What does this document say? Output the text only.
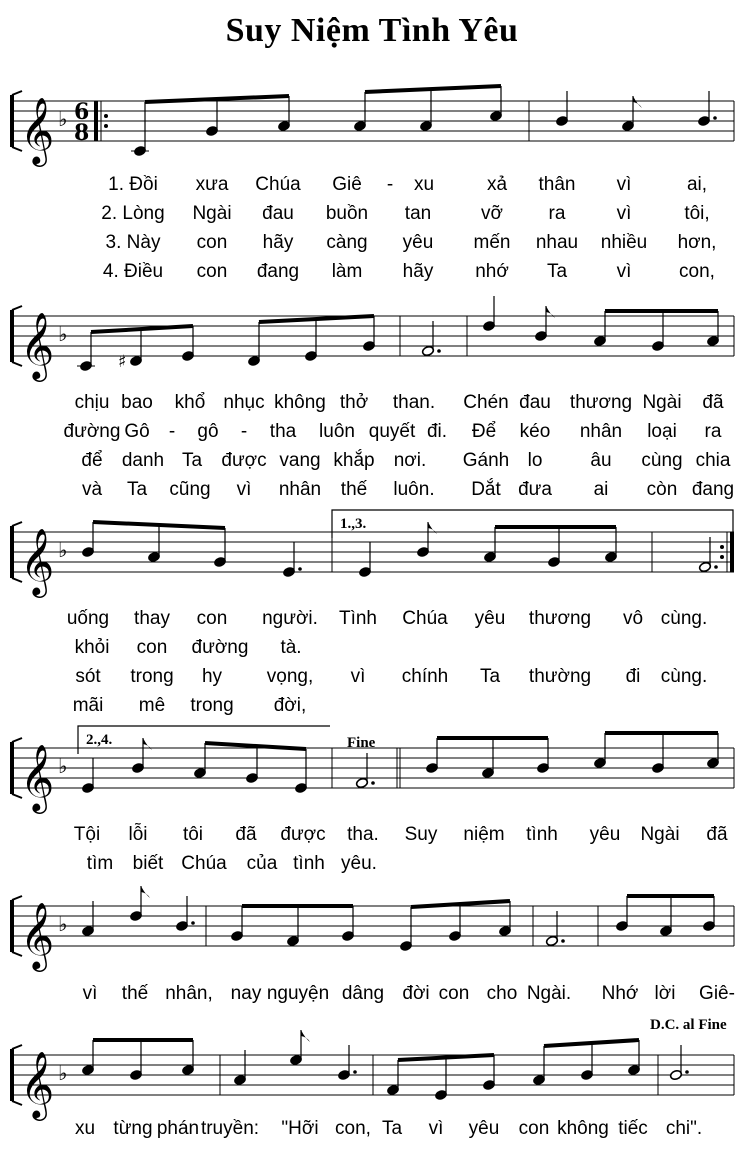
Suy Niệm Tình Yêu
𝄞 ♭ 6
8
𝄞 ♭
♯
𝄞 ♭
𝄞 ♭
𝄞 ♭
𝄞 ♭
1.,3.
2.,4.	Fine
D.C. al Fine
1. Đồi xưa Chúa Giê - xu	xả thân vì	ai,
2. Lòng Ngài đau buồn tan	vỡ ra	vì	tôi,
3. Này con hãy càng yêu mến nhau nhiều hơn,
4. Điều con đang làm hãy nhớ Ta	vì	con,
chịu bao khổ nhục không thở than. Chén đau thương Ngài đã
đường Gô - gô - tha luôn quyết đi. Để kéo nhân loại ra
để danh Ta được vang khắp nơi. Gánh lo	âu cùng chia
và Ta cũng vì nhân thế luôn. Dắt đưa ai còn đang
uống thay con người. Tình Chúa yêu thương vô cùng.
khỏi con đường tà.
sót trong hy vọng, vì chính Ta thường đi cùng.
mãi mê trong đời,
Tội lỗi tôi đã được tha. Suy niệm tình yêu Ngài đã
tìm biết Chúa của tình yêu.
vì thế nhân, nay nguyện dâng đời con cho Ngài. Nhớ lời Giê-
xu từng phán truyền: "Hỡi con, Ta vì yêu con không tiếc chi".
